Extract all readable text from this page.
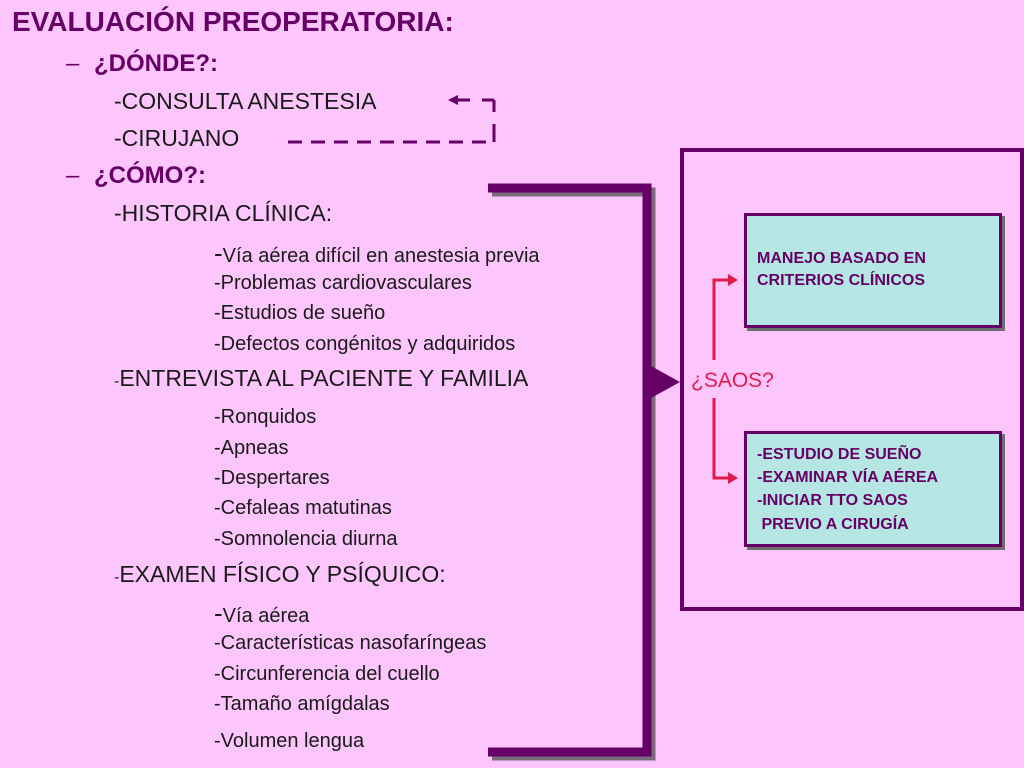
EVALUACIÓN PREOPERATORIA:
– ¿DÓNDE?:
-CONSULTA ANESTESIA
-CIRUJANO
– ¿CÓMO?:
-HISTORIA CLÍNICA:
-Vía aérea difícil en anestesia previa
-Problemas cardiovasculares
-Estudios de sueño
-Defectos congénitos y adquiridos
-ENTREVISTA AL PACIENTE Y FAMILIA
-Ronquidos
-Apneas
-Despertares
-Cefaleas matutinas
-Somnolencia diurna
-EXAMEN FÍSICO Y PSÍQUICO:
-Vía aérea
-Características nasofaríngeas
-Circunferencia del cuello
-Tamaño amígdalas
-Volumen lengua
¿SAOS?
MANEJO BASADO EN
CRITERIOS CLÍNICOS
-ESTUDIO DE SUEÑO
-EXAMINAR VÍA AÉREA
-INICIAR TTO SAOS
PREVIO A CIRUGÍA
